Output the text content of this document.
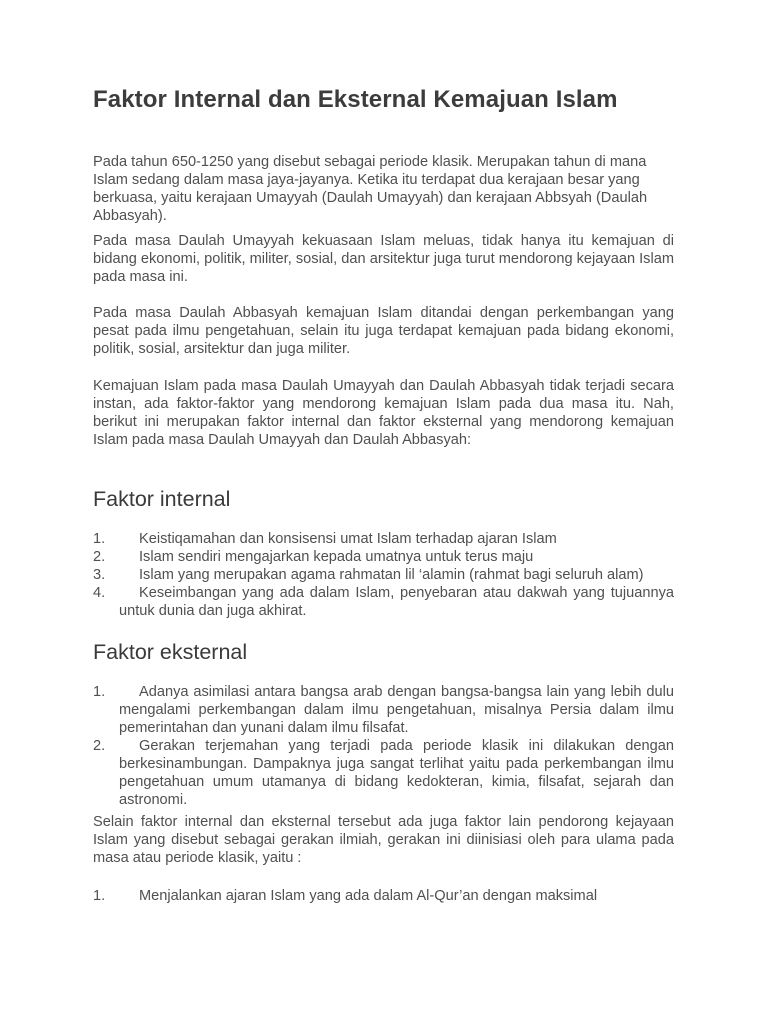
Faktor Internal dan Eksternal Kemajuan Islam

Pada tahun 650-1250 yang disebut sebagai periode klasik. Merupakan tahun di mana Islam sedang dalam masa jaya-jayanya. Ketika itu terdapat dua kerajaan besar yang berkuasa, yaitu kerajaan Umayyah (Daulah Umayyah) dan kerajaan Abbsyah (Daulah Abbasyah).

Pada masa Daulah Umayyah kekuasaan Islam meluas, tidak hanya itu kemajuan di bidang ekonomi, politik, militer, sosial, dan arsitektur juga turut mendorong kejayaan Islam pada masa ini.

Pada masa Daulah Abbasyah kemajuan Islam ditandai dengan perkembangan yang pesat pada ilmu pengetahuan, selain itu juga terdapat kemajuan pada bidang ekonomi, politik, sosial, arsitektur dan juga militer.

Kemajuan Islam pada masa Daulah Umayyah dan Daulah Abbasyah tidak terjadi secara instan, ada faktor-faktor yang mendorong kemajuan Islam pada dua masa itu. Nah, berikut ini merupakan faktor internal dan faktor eksternal yang mendorong kemajuan Islam pada masa Daulah Umayyah dan Daulah Abbasyah:

Faktor internal
1.	Keistiqamahan dan konsisensi umat Islam terhadap ajaran Islam
2.	Islam sendiri mengajarkan kepada umatnya untuk terus maju
3.	Islam yang merupakan agama rahmatan lil ‘alamin (rahmat bagi seluruh alam)
4.	Keseimbangan yang ada dalam Islam, penyebaran atau dakwah yang tujuannya untuk dunia dan juga akhirat.
Faktor eksternal
1.	Adanya asimilasi antara bangsa arab dengan bangsa-bangsa lain yang lebih dulu mengalami perkembangan dalam ilmu pengetahuan, misalnya Persia dalam ilmu pemerintahan dan yunani dalam ilmu filsafat.
2.	Gerakan terjemahan yang terjadi pada periode klasik ini dilakukan dengan berkesinambungan. Dampaknya juga sangat terlihat yaitu pada perkembangan ilmu pengetahuan umum utamanya di bidang kedokteran, kimia, filsafat, sejarah dan astronomi.

Selain faktor internal dan eksternal tersebut ada juga faktor lain pendorong kejayaan Islam yang disebut sebagai gerakan ilmiah, gerakan ini diinisiasi oleh para ulama pada masa atau periode klasik, yaitu :

1.	Menjalankan ajaran Islam yang ada dalam Al-Qur’an dengan maksimal
